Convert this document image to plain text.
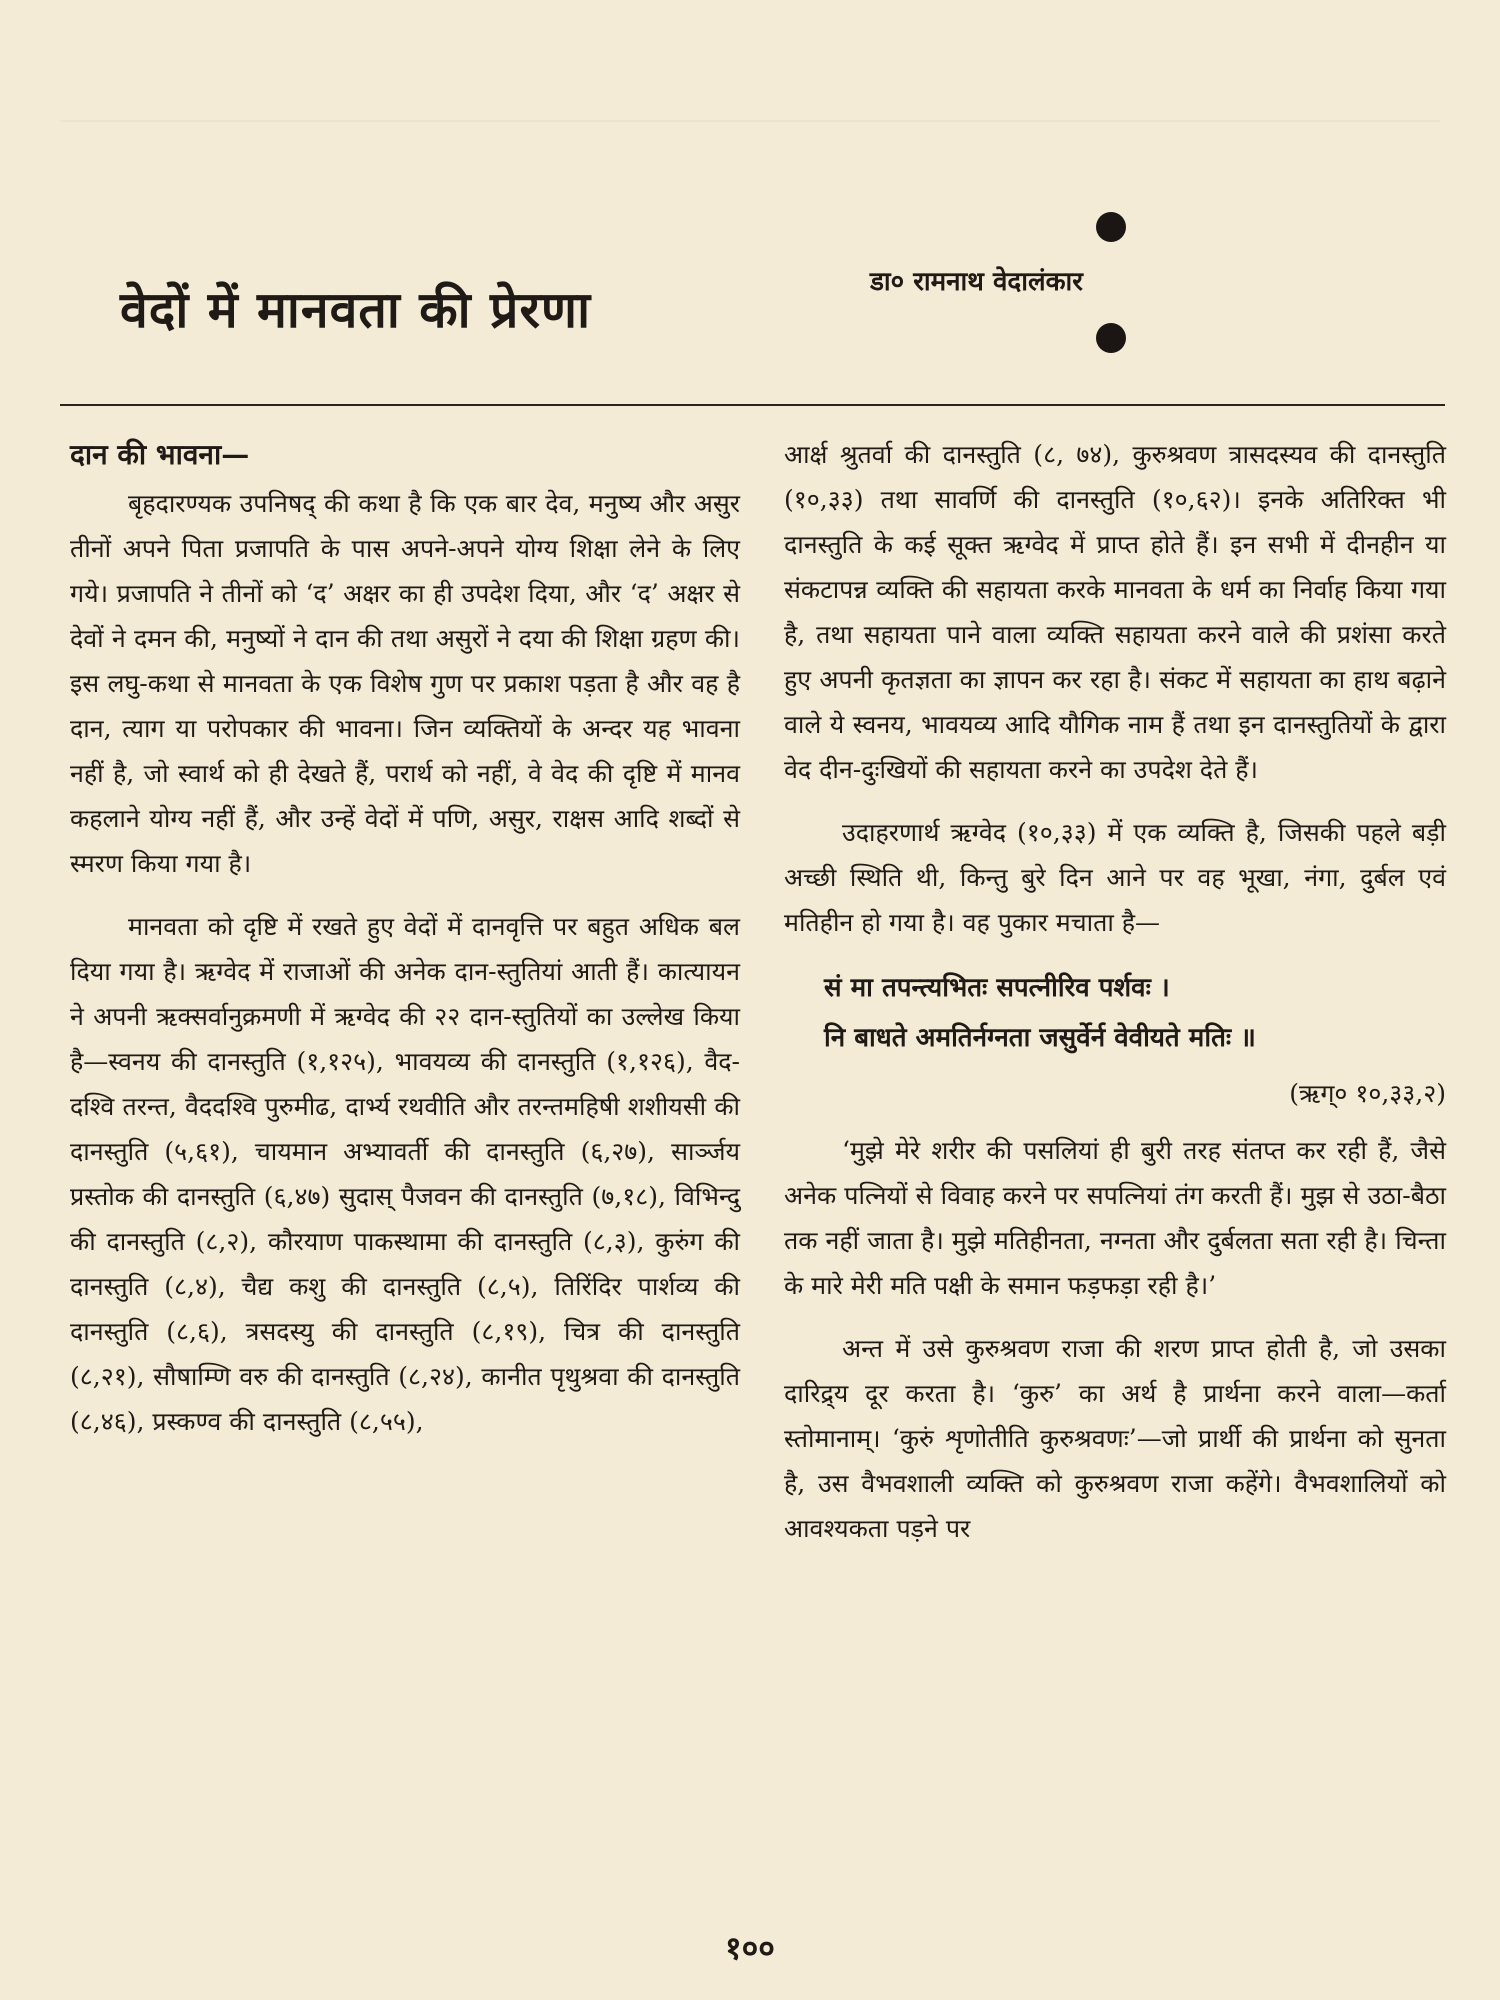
वेदों में मानवता की प्रेरणा	डा० रामनाथ वेदालंकार
दान की भावना—

बृहदारण्यक उपनिषद् की कथा है कि एक बार देव, मनुष्य और असुर तीनों अपने पिता प्रजापति के पास अपने-अपने योग्य शिक्षा लेने के लिए गये। प्रजापति ने तीनों को ‘द’ अक्षर का ही उपदेश दिया, और ‘द’ अक्षर से देवों ने दमन की, मनुष्यों ने दान की तथा असुरों ने दया की शिक्षा ग्रहण की। इस लघु-कथा से मानवता के एक विशेष गुण पर प्रकाश पड़ता है और वह है दान, त्याग या परोपकार की भावना। जिन व्यक्तियों के अन्दर यह भावना नहीं है, जो स्वार्थ को ही देखते हैं, परार्थ को नहीं, वे वेद की दृष्टि में मानव कहलाने योग्य नहीं हैं, और उन्हें वेदों में पणि, असुर, राक्षस आदि शब्दों से स्मरण किया गया है।

मानवता को दृष्टि में रखते हुए वेदों में दानवृत्ति पर बहुत अधिक बल दिया गया है। ऋग्वेद में राजाओं की अनेक दान-स्तुतियां आती हैं। कात्यायन ने अपनी ऋक्सर्वानुक्रमणी में ऋग्वेद की २२ दान-स्तुतियों का उल्लेख किया है—स्वनय की दानस्तुति (१,१२५), भावयव्य की दानस्तुति (१,१२६), वैद-दश्वि तरन्त, वैददश्वि पुरुमीढ, दार्भ्य रथवीति और तरन्तमहिषी शशीयसी की दानस्तुति (५,६१), चायमान अभ्यावर्ती की दानस्तुति (६,२७), सार्ञ्जय प्रस्तोक की दानस्तुति (६,४७) सुदास् पैजवन की दानस्तुति (७,१८), विभिन्दु की दानस्तुति (८,२), कौरयाण पाकस्थामा की दानस्तुति (८,३), कुरुंग की दानस्तुति (८,४), चैद्य कशु की दानस्तुति (८,५), तिरिंदिर पार्शव्य की दानस्तुति (८,६), त्रसदस्यु की दानस्तुति (८,१९), चित्र की दानस्तुति (८,२१), सौषाम्णि वरु की दानस्तुति (८,२४), कानीत पृथुश्रवा की दानस्तुति (८,४६), प्रस्कण्व की दानस्तुति (८,५५),

आर्क्ष श्रुतर्वा की दानस्तुति (८, ७४), कुरुश्रवण त्रासदस्यव की दानस्तुति (१०,३३) तथा सावर्णि की दानस्तुति (१०,६२)। इनके अतिरिक्त भी दानस्तुति के कई सूक्त ऋग्वेद में प्राप्त होते हैं। इन सभी में दीनहीन या संकटापन्न व्यक्ति की सहायता करके मानवता के धर्म का निर्वाह किया गया है, तथा सहायता पाने वाला व्यक्ति सहायता करने वाले की प्रशंसा करते हुए अपनी कृतज्ञता का ज्ञापन कर रहा है। संकट में सहायता का हाथ बढ़ाने वाले ये स्वनय, भावयव्य आदि यौगिक नाम हैं तथा इन दानस्तुतियों के द्वारा वेद दीन-दुःखियों की सहायता करने का उपदेश देते हैं।

उदाहरणार्थ ऋग्वेद (१०,३३) में एक व्यक्ति है, जिसकी पहले बड़ी अच्छी स्थिति थी, किन्तु बुरे दिन आने पर वह भूखा, नंगा, दुर्बल एवं मतिहीन हो गया है। वह पुकार मचाता है—

सं मा तपन्त्यभितः सपत्नीरिव पर्शवः ।

नि बाधते अमतिर्नग्नता जसुर्वेर्न वेवीयते मतिः ॥

(ऋग्० १०,३३,२)

‘मुझे मेरे शरीर की पसलियां ही बुरी तरह संतप्त कर रही हैं, जैसे अनेक पत्नियों से विवाह करने पर सपत्नियां तंग करती हैं। मुझ से उठा-बैठा तक नहीं जाता है। मुझे मतिहीनता, नग्नता और दुर्बलता सता रही है। चिन्ता के मारे मेरी मति पक्षी के समान फड़फड़ा रही है।’

अन्त में उसे कुरुश्रवण राजा की शरण प्राप्त होती है, जो उसका दारिद्र्य दूर करता है। ‘कुरु’ का अर्थ है प्रार्थना करने वाला—कर्ता स्तोमानाम्। ‘कुरुं शृणोतीति कुरुश्रवणः’—जो प्रार्थी की प्रार्थना को सुनता है, उस वैभवशाली व्यक्ति को कुरुश्रवण राजा कहेंगे। वैभवशालियों को आवश्यकता पड़ने पर

१००
